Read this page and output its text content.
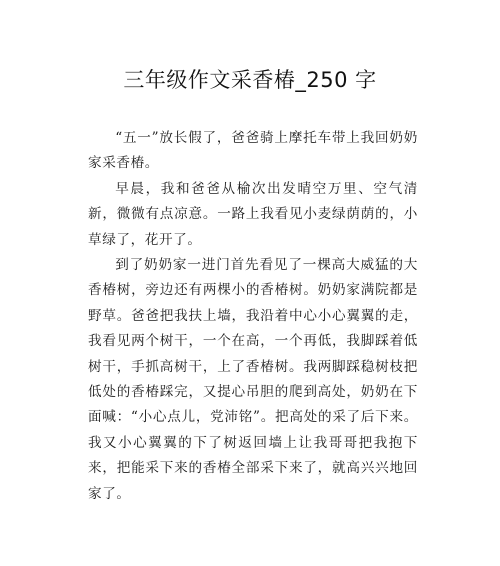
三年级作文采香椿_250 字

“五一”放长假了，爸爸骑上摩托车带上我回奶奶家采香椿。

早晨，我和爸爸从榆次出发晴空万里、空气清新，微微有点凉意。一路上我看见小麦绿荫荫的，小草绿了，花开了。

到了奶奶家一进门首先看见了一棵高大威猛的大香椿树，旁边还有两棵小的香椿树。奶奶家满院都是野草。爸爸把我扶上墙，我沿着中心小心翼翼的走，我看见两个树干，一个在高，一个再低，我脚踩着低树干，手抓高树干，上了香椿树。我两脚踩稳树枝把低处的香椿踩完，又提心吊胆的爬到高处，奶奶在下面喊：“小心点儿，党沛铭”。把高处的采了后下来。我又小心翼翼的下了树返回墙上让我哥哥把我抱下来，把能采下来的香椿全部采下来了，就高兴兴地回家了。
